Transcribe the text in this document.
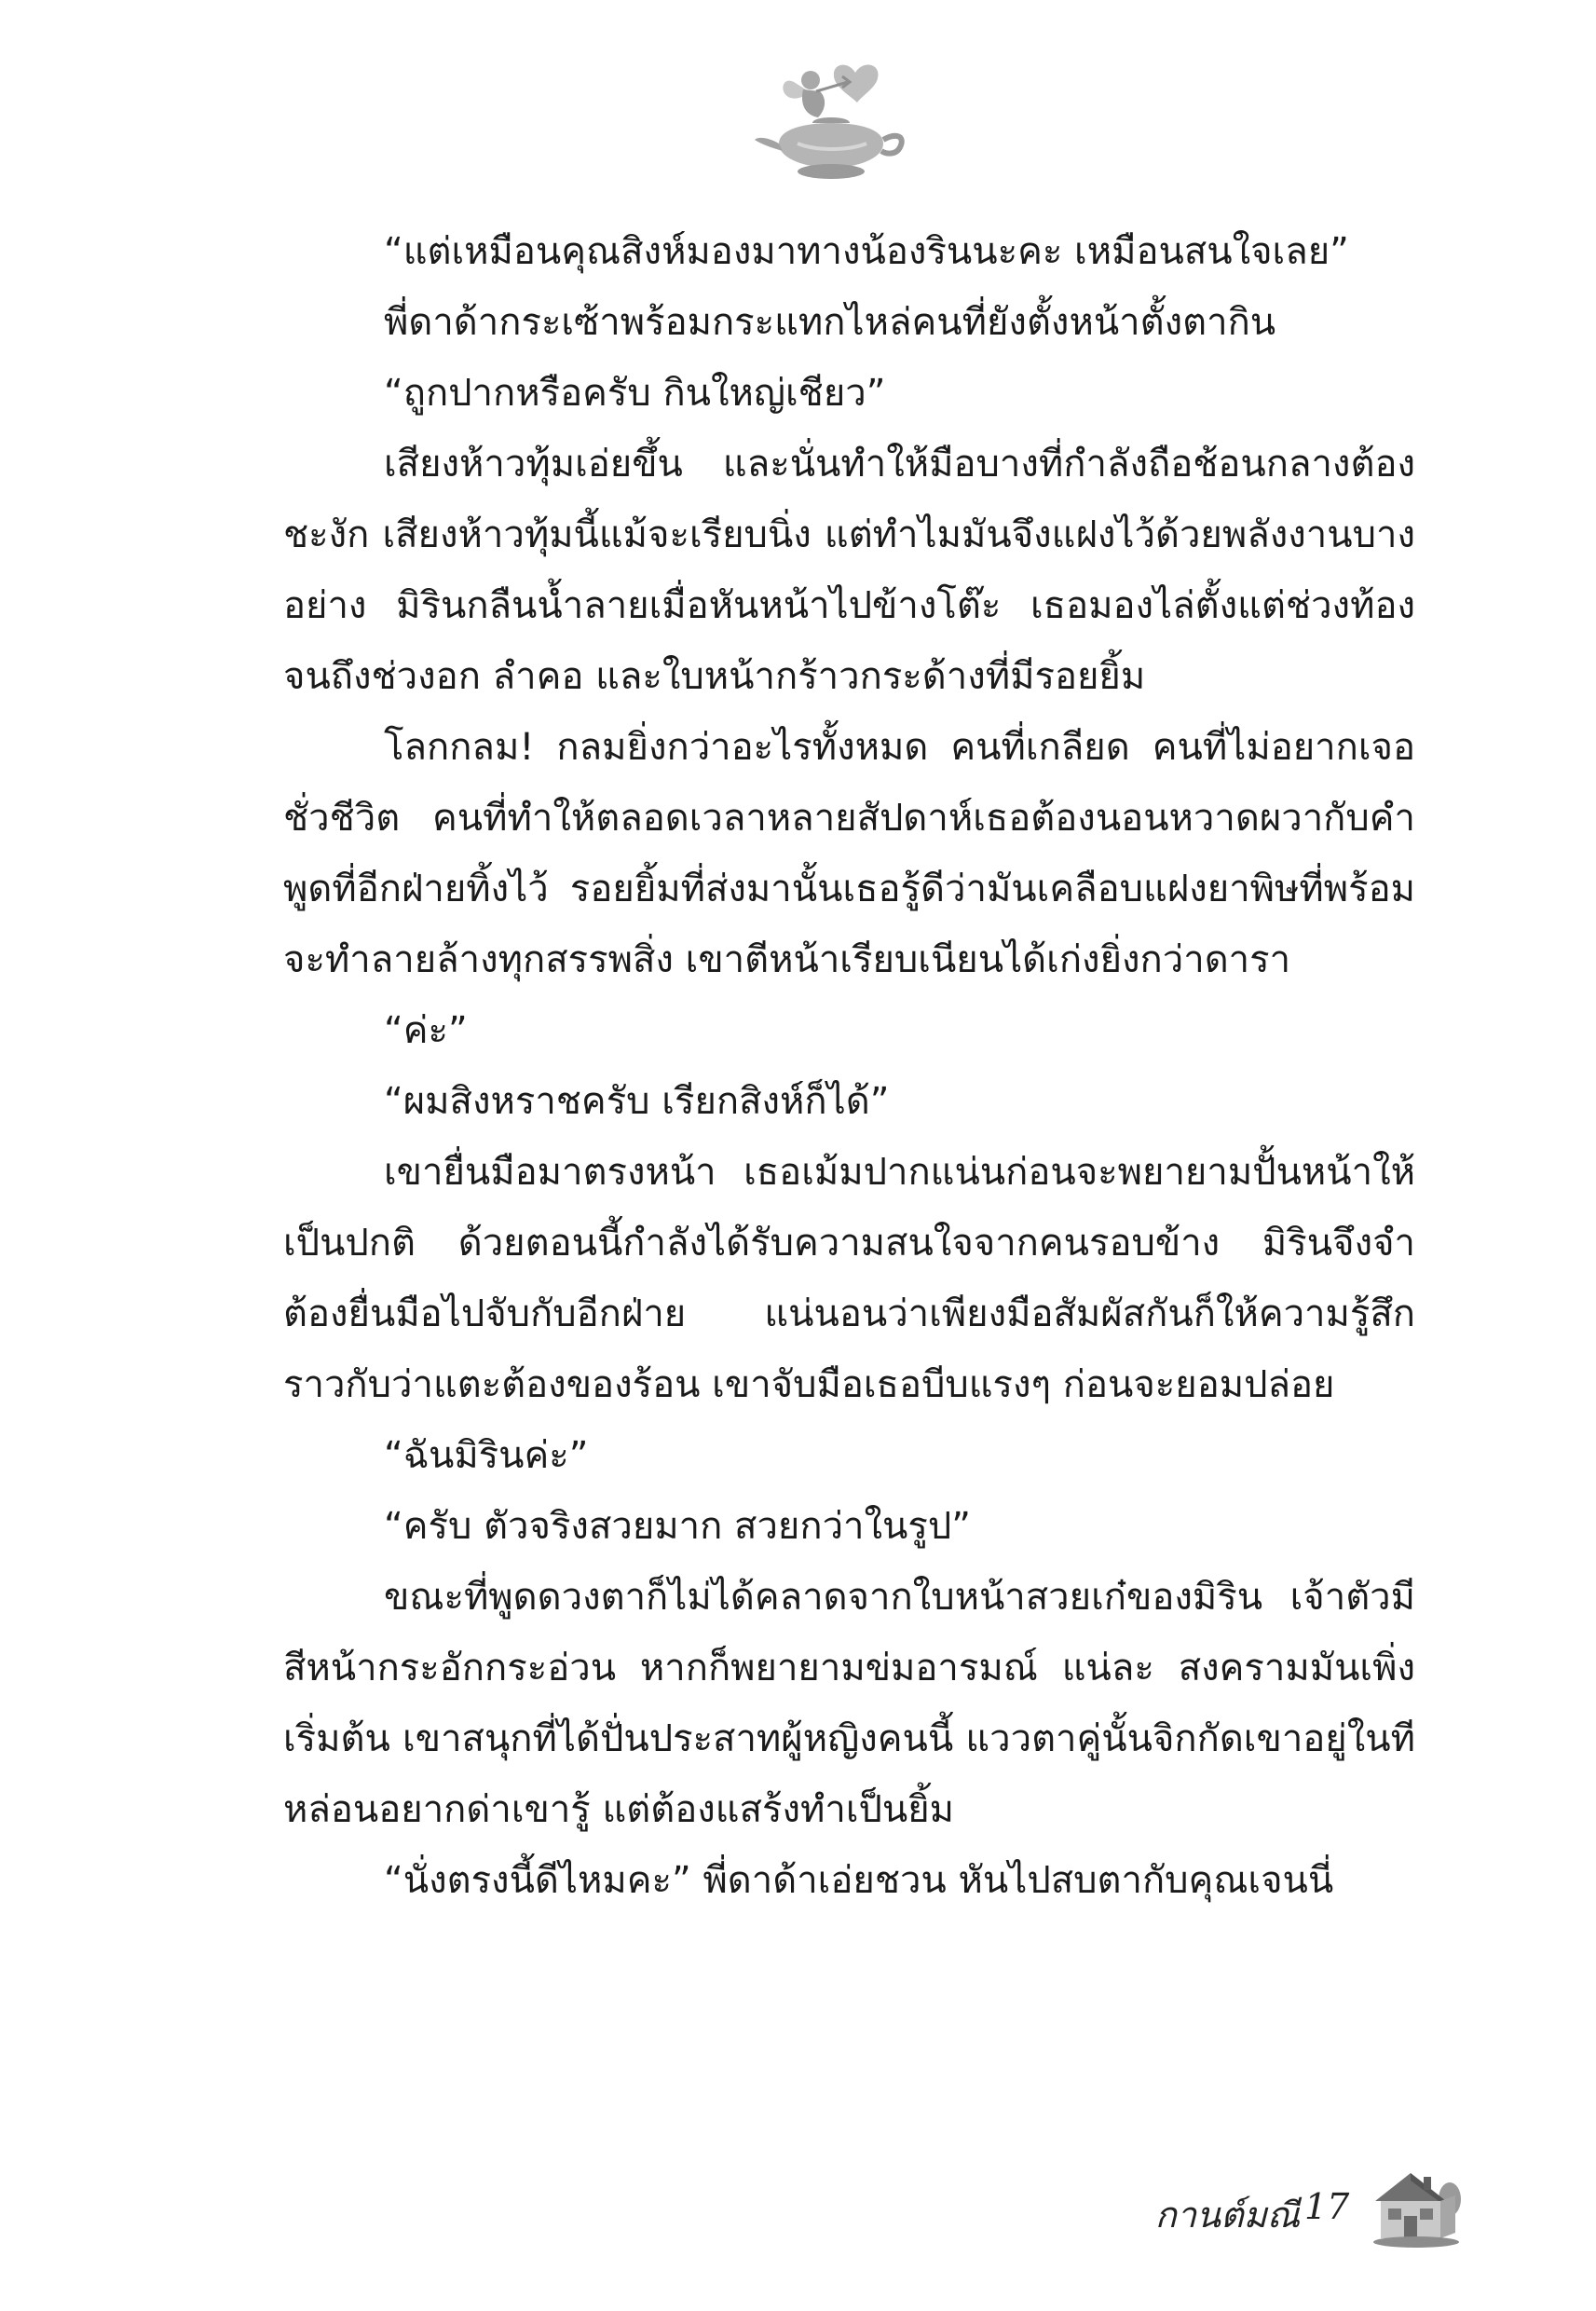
“แต่เหมือนคุณสิงห์มองมาทางน้องรินนะคะ เหมือนสนใจเลย”

พี่ดาด้ากระเซ้าพร้อมกระแทกไหล่คนที่ยังตั้งหน้าตั้งตากิน

“ถูกปากหรือครับ กินใหญ่เชียว”

เสียงห้าวทุ้มเอ่ยขึ้น และนั่นทำให้มือบางที่กำลังถือช้อนกลางต้องชะงัก เสียงห้าวทุ้มนี้แม้จะเรียบนิ่ง แต่ทำไมมันจึงแฝงไว้ด้วยพลังงานบางอย่าง มิรินกลืนน้ำลายเมื่อหันหน้าไปข้างโต๊ะ เธอมองไล่ตั้งแต่ช่วงท้องจนถึงช่วงอก ลำคอ และใบหน้ากร้าวกระด้างที่มีรอยยิ้ม

โลกกลม! กลมยิ่งกว่าอะไรทั้งหมด คนที่เกลียด คนที่ไม่อยากเจอชั่วชีวิต คนที่ทำให้ตลอดเวลาหลายสัปดาห์เธอต้องนอนหวาดผวากับคำพูดที่อีกฝ่ายทิ้งไว้ รอยยิ้มที่ส่งมานั้นเธอรู้ดีว่ามันเคลือบแฝงยาพิษที่พร้อมจะทำลายล้างทุกสรรพสิ่ง เขาตีหน้าเรียบเนียนได้เก่งยิ่งกว่าดารา

“ค่ะ”

“ผมสิงหราชครับ เรียกสิงห์ก็ได้”

เขายื่นมือมาตรงหน้า เธอเม้มปากแน่นก่อนจะพยายามปั้นหน้าให้เป็นปกติ ด้วยตอนนี้กำลังได้รับความสนใจจากคนรอบข้าง มิรินจึงจำต้องยื่นมือไปจับกับอีกฝ่าย แน่นอนว่าเพียงมือสัมผัสกันก็ให้ความรู้สึกราวกับว่าแตะต้องของร้อน เขาจับมือเธอบีบแรงๆ ก่อนจะยอมปล่อย

“ฉันมิรินค่ะ”

“ครับ ตัวจริงสวยมาก สวยกว่าในรูป”

ขณะที่พูดดวงตาก็ไม่ได้คลาดจากใบหน้าสวยเก๋ของมิริน เจ้าตัวมีสีหน้ากระอักกระอ่วน หากก็พยายามข่มอารมณ์ แน่ละ สงครามมันเพิ่งเริ่มต้น เขาสนุกที่ได้ปั่นประสาทผู้หญิงคนนี้ แววตาคู่นั้นจิกกัดเขาอยู่ในที หล่อนอยากด่าเขารู้ แต่ต้องแสร้งทำเป็นยิ้ม

“นั่งตรงนี้ดีไหมคะ” พี่ดาด้าเอ่ยชวน หันไปสบตากับคุณเจนนี่

กานต์มณี 17
